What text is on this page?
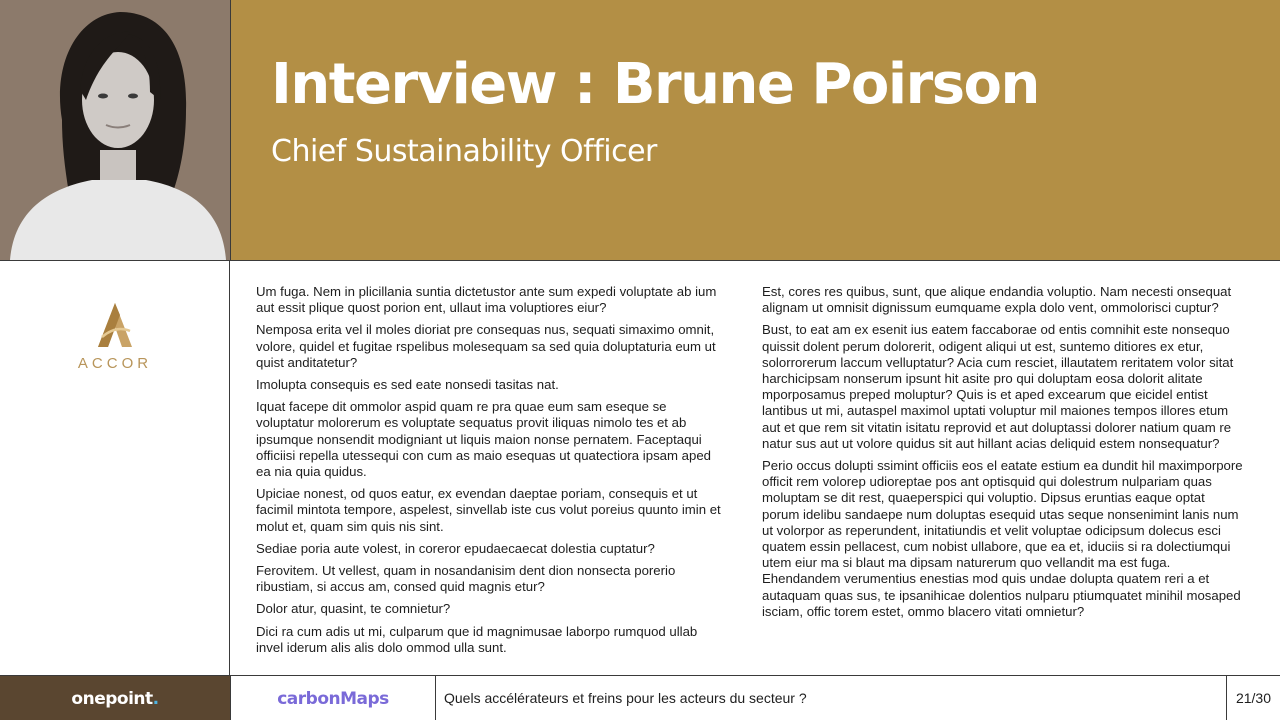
Interview : Brune Poirson
Chief Sustainability Officer
ACCOR

Um fuga. Nem in plicillania suntia dictetustor ante sum expedi voluptate ab ium aut essit plique quost porion ent, ullaut ima voluptiores eiur?

Nemposa erita vel il moles dioriat pre consequas nus, sequati simaximo omnit, volore, quidel et fugitae rspelibus molesequam sa sed quia doluptaturia eum ut quist anditatetur?

Imolupta consequis es sed eate nonsedi tasitas nat.

Iquat facepe dit ommolor aspid quam re pra quae eum sam eseque se voluptatur molorerum es voluptate sequatus provit iliquas nimolo tes et ab ipsumque nonsendit modigniant ut liquis maion nonse pernatem. Faceptaqui officiisi repella utessequi con cum as maio esequas ut quatectiora ipsam aped ea nia quia quidus.

Upiciae nonest, od quos eatur, ex evendan daeptae poriam, consequis et ut facimil mintota tempore, aspelest, sinvellab iste cus volut poreius quunto imin et molut et, quam sim quis nis sint.

Sediae poria aute volest, in coreror epudaecaecat dolestia cuptatur?

Ferovitem. Ut vellest, quam in nosandanisim dent dion nonsecta porerio ribustiam, si accus am, consed quid magnis etur?

Dolor atur, quasint, te comnietur?

Dici ra cum adis ut mi, culparum que id magnimusae laborpo rumquod ullab invel iderum alis alis dolo ommod ulla sunt.

Est, cores res quibus, sunt, que alique endandia voluptio. Nam necesti onsequat alignam ut omnisit dignissum eumquame expla dolo vent, ommolorisci cuptur?

Bust, to eat am ex esenit ius eatem faccaborae od entis comnihit este nonsequo quissit dolent perum dolorerit, odigent aliqui ut est, suntemo ditiores ex etur, solorrorerum laccum velluptatur? Acia cum resciet, illautatem reritatem volor sitat harchicipsam nonserum ipsunt hit asite pro qui doluptam eosa dolorit alitate mporposamus preped moluptur? Quis is et aped excearum que eicidel entist lantibus ut mi, autaspel maximol uptati voluptur mil maiones tempos illores etum aut et que rem sit vitatin isitatu reprovid et aut doluptassi dolorer natium quam re natur sus aut ut volore quidus sit aut hillant acias deliquid estem nonsequatur?

Perio occus dolupti ssimint officiis eos el eatate estium ea dundit hil maximporpore officit rem volorep udioreptae pos ant optisquid qui dolestrum nulpariam quas moluptam se dit rest, quaeperspici qui voluptio. Dipsus eruntias eaque optat porum idelibu sandaepe num doluptas esequid utas seque nonsenimint lanis num ut volorpor as reperundent, initatiundis et velit voluptae odicipsum dolecus esci quatem essin pellacest, cum nobist ullabore, que ea et, iduciis si ra dolectiumqui utem eiur ma si blaut ma dipsam naturerum quo vellandit ma est fuga. Ehendandem verumentius enestias mod quis undae dolupta quatem reri a et autaquam quas sus, te ipsanihicae dolentios nulparu ptiumquatet minihil mosaped isciam, offic torem estet, ommo blacero vitati omnietur?

onepoint.	carbonMaps	Quels accélérateurs et freins pour les acteurs du secteur ?	21/30
